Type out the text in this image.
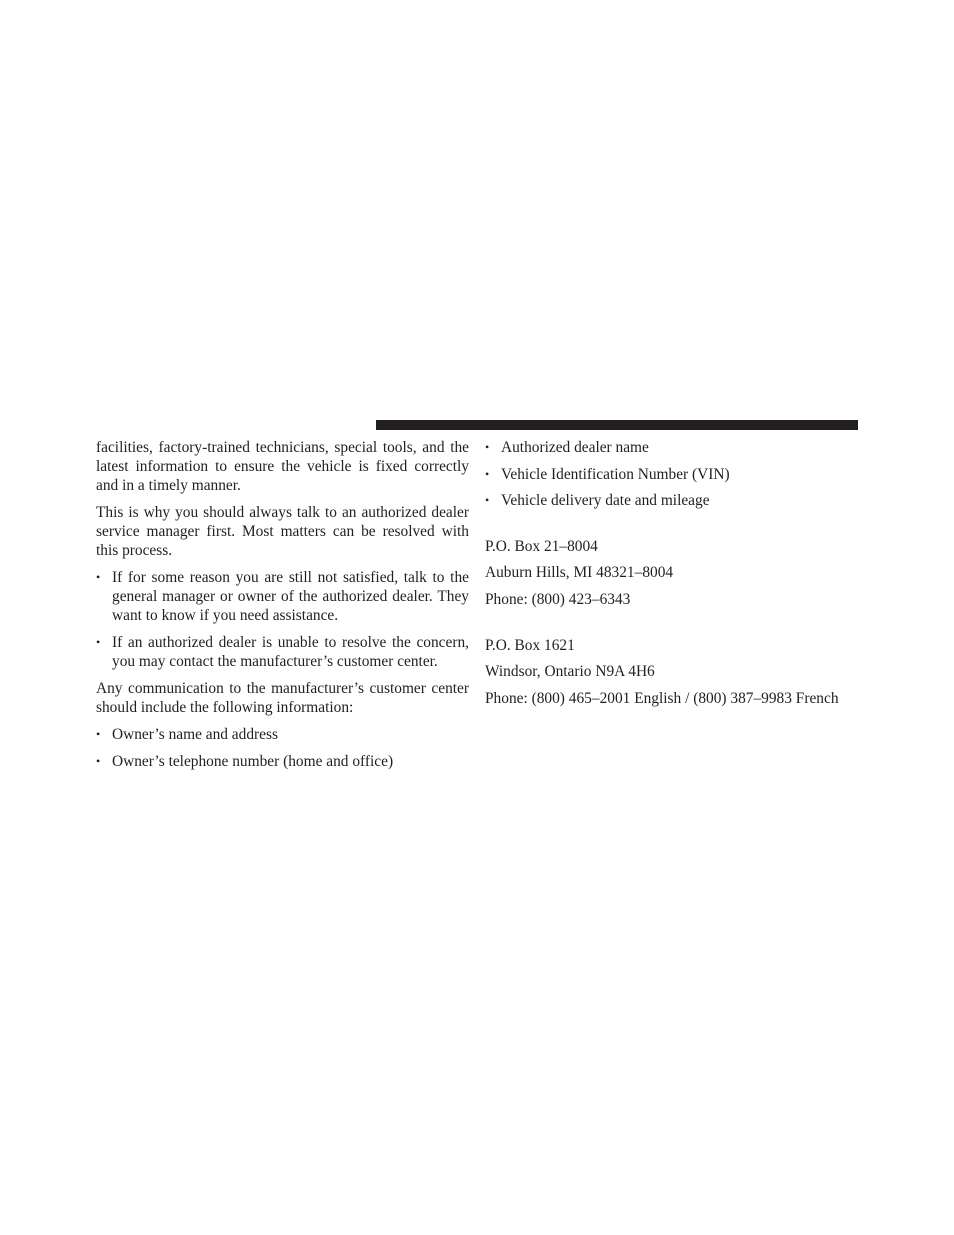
facilities, factory-trained technicians, special tools, and the latest information to ensure the vehicle is fixed correctly and in a timely manner.

This is why you should always talk to an authorized dealer service manager first. Most matters can be resolved with this process.

• If for some reason you are still not satisfied, talk to the general manager or owner of the authorized dealer. They want to know if you need assistance.
• If an authorized dealer is unable to resolve the concern, you may contact the manufacturer’s customer center.

Any communication to the manufacturer’s customer center should include the following information:

• Owner’s name and address
• Owner’s telephone number (home and office)
• Authorized dealer name
• Vehicle Identification Number (VIN)
• Vehicle delivery date and mileage

P.O. Box 21–8004

Auburn Hills, MI 48321–8004

Phone: (800) 423–6343

P.O. Box 1621

Windsor, Ontario N9A 4H6

Phone: (800) 465–2001 English / (800) 387–9983 French
